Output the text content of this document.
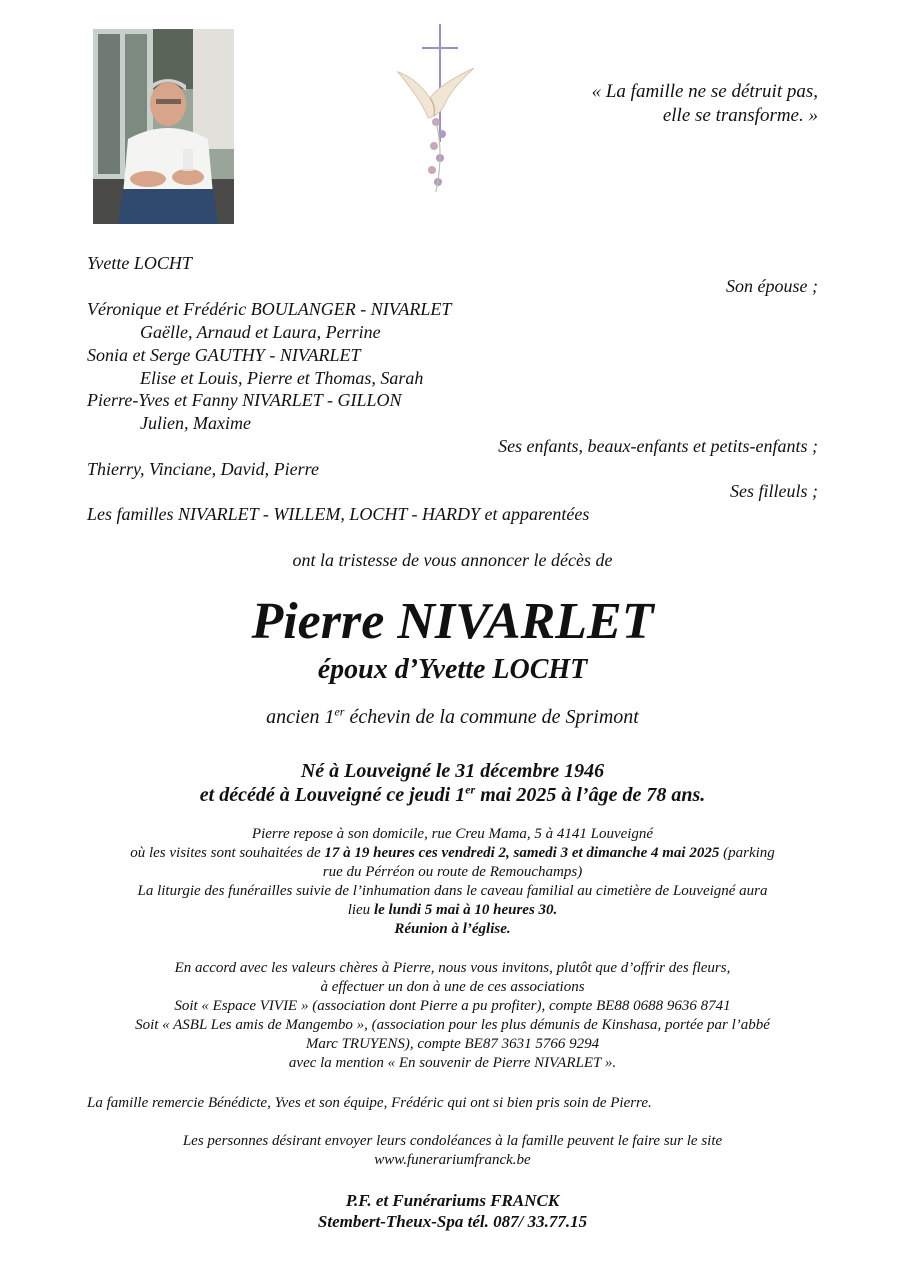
« La famille ne se détruit pas,
elle se transforme. »
Yvette LOCHT
Son épouse ;
Véronique et Frédéric BOULANGER - NIVARLET
Gaëlle, Arnaud et Laura, Perrine
Sonia et Serge GAUTHY - NIVARLET
Elise et Louis, Pierre et Thomas, Sarah
Pierre-Yves et Fanny NIVARLET - GILLON
Julien, Maxime
Ses enfants, beaux-enfants et petits-enfants ;
Thierry, Vinciane, David, Pierre
Ses filleuls ;
Les familles NIVARLET - WILLEM, LOCHT - HARDY et apparentées
ont la tristesse de vous annoncer le décès de
Pierre NIVARLET
époux d’Yvette LOCHT
ancien 1er échevin de la commune de Sprimont
Né à Louveigné le 31 décembre 1946
et décédé à Louveigné ce jeudi 1er mai 2025 à l’âge de 78 ans.
Pierre repose à son domicile, rue Creu Mama, 5 à 4141 Louveigné
où les visites sont souhaitées de 17 à 19 heures ces vendredi 2, samedi 3 et dimanche 4 mai 2025 (parking
rue du Pérréon ou route de Remouchamps)
La liturgie des funérailles suivie de l’inhumation dans le caveau familial au cimetière de Louveigné aura
lieu le lundi 5 mai à 10 heures 30.
Réunion à l’église.
En accord avec les valeurs chères à Pierre, nous vous invitons, plutôt que d’offrir des fleurs,
à effectuer un don à une de ces associations
Soit « Espace VIVIE » (association dont Pierre a pu profiter), compte BE88 0688 9636 8741
Soit « ASBL Les amis de Mangembo », (association pour les plus démunis de Kinshasa, portée par l’abbé
Marc TRUYENS), compte BE87 3631 5766 9294
avec la mention « En souvenir de Pierre NIVARLET ».
La famille remercie Bénédicte, Yves et son équipe, Frédéric qui ont si bien pris soin de Pierre.
Les personnes désirant envoyer leurs condoléances à la famille peuvent le faire sur le site
www.funerariumfranck.be
P.F. et Funérariums FRANCK
Stembert-Theux-Spa tél. 087/ 33.77.15
